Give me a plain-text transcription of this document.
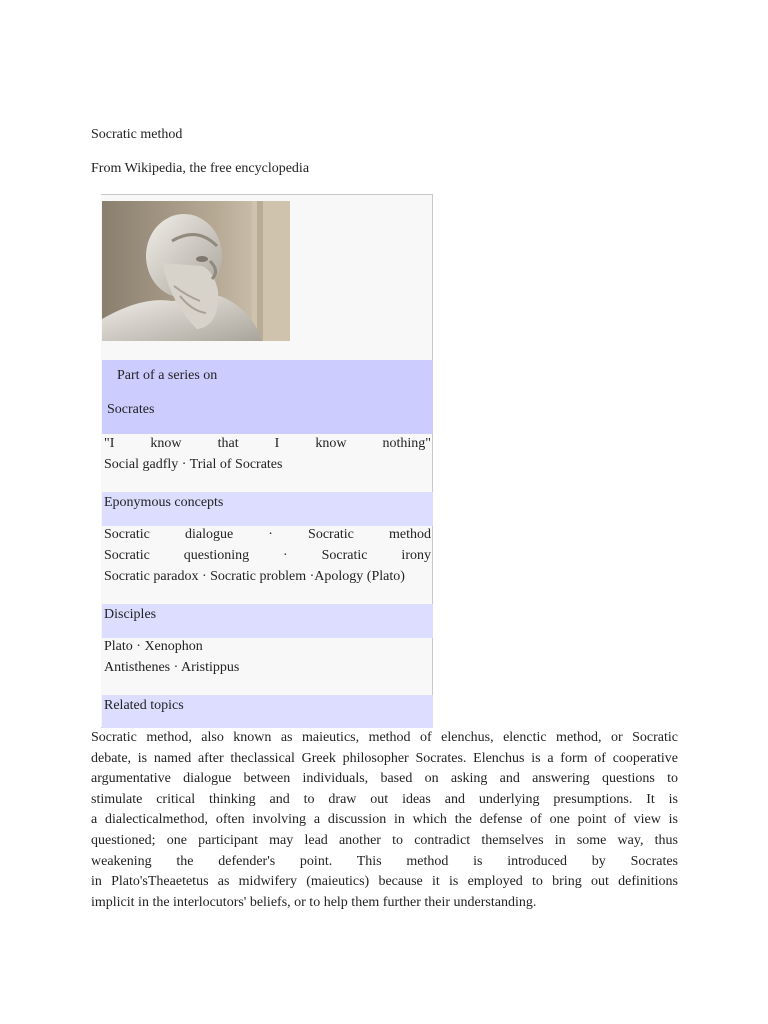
Socratic method
From Wikipedia, the free encyclopedia
Part of a series on
Socrates
"I know that I know nothing"
Social gadfly · Trial of Socrates
Eponymous concepts
Socratic dialogue · Socratic method
Socratic questioning · Socratic irony
Socratic paradox · Socratic problem ·Apology (Plato)
Disciples
Plato · Xenophon
Antisthenes · Aristippus
Related topics
Socratic method, also known as maieutics, method of elenchus, elenctic method, or Socratic
debate, is named after theclassical Greek philosopher Socrates. Elenchus is a form of cooperative
argumentative dialogue between individuals, based on asking and answering questions to
stimulate critical thinking and to draw out ideas and underlying presumptions. It is
a dialecticalmethod, often involving a discussion in which the defense of one point of view is
questioned; one participant may lead another to contradict themselves in some way, thus
weakening the defender's point. This method is introduced by Socrates
in Plato'sTheaetetus as midwifery (maieutics) because it is employed to bring out definitions
implicit in the interlocutors' beliefs, or to help them further their understanding.
